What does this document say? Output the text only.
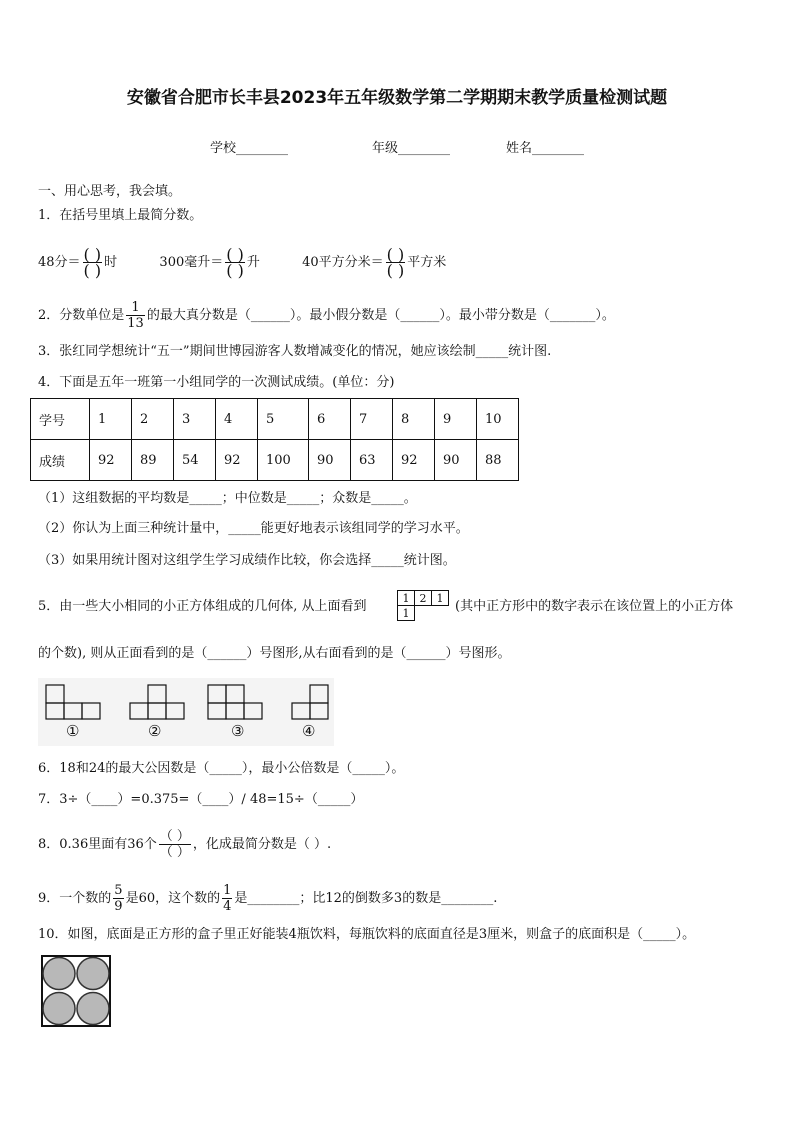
安徽省合肥市长丰县2023年五年级数学第二学期期末教学质量检测试题
学校________	年级________	姓名________
一、用心思考，我会填。
1．在括号里填上最简分数。
48分＝ $\frac{( )}{( )}$ 时	300毫升＝ $\frac{( )}{( )}$ 升	40平方分米＝ $\frac{( )}{( )}$ 平方米
2．分数单位是 $\frac{1}{13}$ 的最大真分数是（______）。最小假分数是（______）。最小带分数是（_______）。
3．张红同学想统计“五一”期间世博园游客人数增减变化的情况，她应该绘制_____统计图.
4．下面是五年一班第一小组同学的一次测试成绩。(单位：分)
学号	1	2	3	4	5	6	7	8	9	10
成绩	92	89	54	92	100	90	63	92	90	88
（1）这组数据的平均数是_____；中位数是_____；众数是_____。
（2）你认为上面三种统计量中，_____能更好地表示该组同学的学习水平。
（3）如果用统计图对这组学生学习成绩作比较，你会选择_____统计图。
5．由一些大小相同的小正方体组成的几何体, 从上面看到
1 2 1
1	(其中正方形中的数字表示在该位置上的小正方体
的个数), 则从正面看到的是（______）号图形,从右面看到的是（______）号图形。
①	②	③	④
6．18和24的最大公因数是（_____），最小公倍数是（_____）。
7．3÷（____）=0.375=（____）/ 48=15÷（_____）
8．0.36里面有36个 $\frac{( )}{( )}$ ，化成最简分数是（ ）.
9．一个数的 $\frac{5}{9}$ 是60，这个数的 $\frac{1}{4}$ 是________；比12的倒数多3的数是________.
10．如图，底面是正方形的盒子里正好能装4瓶饮料，每瓶饮料的底面直径是3厘米，则盒子的底面积是（_____）。
